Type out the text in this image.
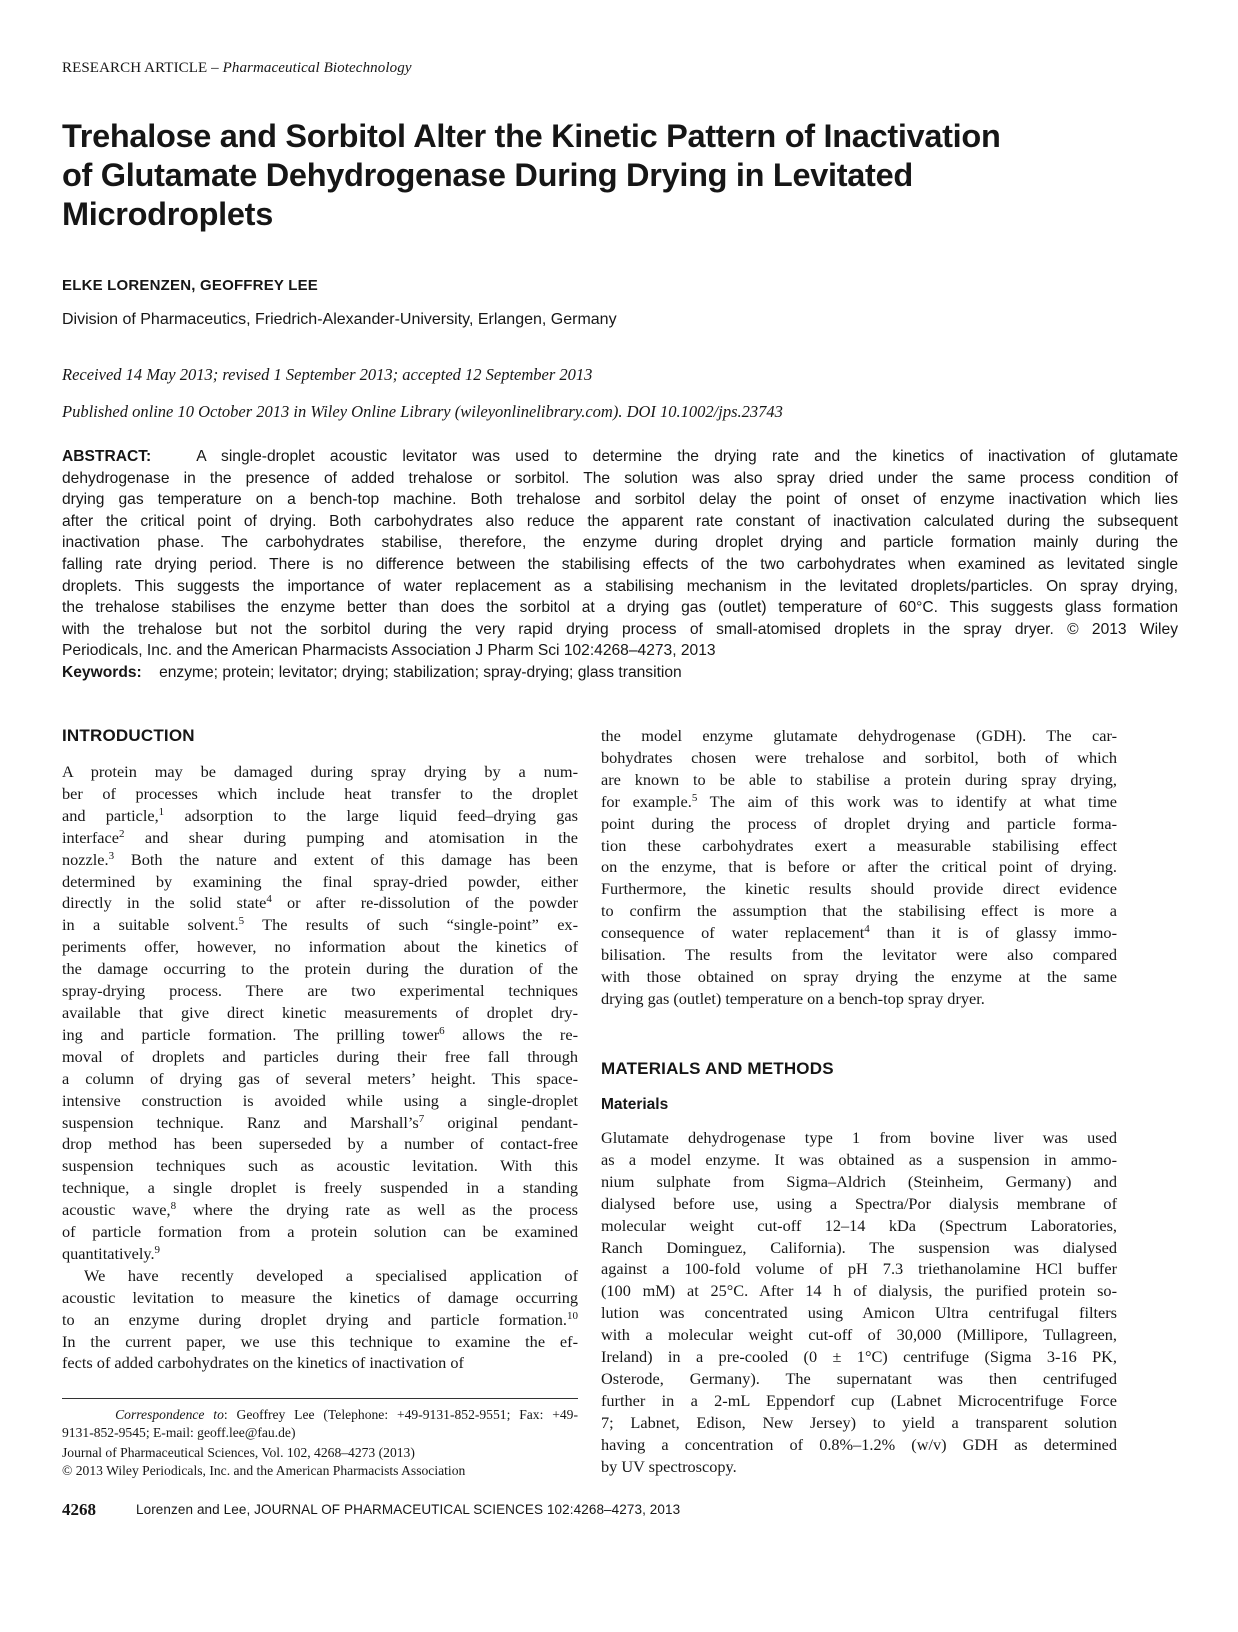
RESEARCH ARTICLE – Pharmaceutical Biotechnology
Trehalose and Sorbitol Alter the Kinetic Pattern of Inactivation
of Glutamate Dehydrogenase During Drying in Levitated
Microdroplets
ELKE LORENZEN, GEOFFREY LEE
Division of Pharmaceutics, Friedrich-Alexander-University, Erlangen, Germany
Received 14 May 2013; revised 1 September 2013; accepted 12 September 2013
Published online 10 October 2013 in Wiley Online Library (wileyonlinelibrary.com). DOI 10.1002/jps.23743
ABSTRACT:	A single-droplet acoustic levitator was used to determine the drying rate and the kinetics of inactivation of glutamate
dehydrogenase in the presence of added trehalose or sorbitol. The solution was also spray dried under the same process condition of
drying gas temperature on a bench-top machine. Both trehalose and sorbitol delay the point of onset of enzyme inactivation which lies
after the critical point of drying. Both carbohydrates also reduce the apparent rate constant of inactivation calculated during the subsequent
inactivation phase. The carbohydrates stabilise, therefore, the enzyme during droplet drying and particle formation mainly during the
falling rate drying period. There is no difference between the stabilising effects of the two carbohydrates when examined as levitated single
droplets. This suggests the importance of water replacement as a stabilising mechanism in the levitated droplets/particles. On spray drying,
the trehalose stabilises the enzyme better than does the sorbitol at a drying gas (outlet) temperature of 60°C. This suggests glass formation
with the trehalose but not the sorbitol during the very rapid drying process of small-atomised droplets in the spray dryer. © 2013 Wiley
Periodicals, Inc. and the American Pharmacists Association J Pharm Sci 102:4268–4273, 2013
Keywords: enzyme; protein; levitator; drying; stabilization; spray-drying; glass transition
INTRODUCTION
A protein may be damaged during spray drying by a num-
ber of processes which include heat transfer to the droplet
and particle,$^1$ adsorption to the large liquid feed–drying gas
interface$^2$ and shear during pumping and atomisation in the
nozzle.$^3$ Both the nature and extent of this damage has been
determined by examining the final spray-dried powder, either
directly in the solid state$^4$ or after re-dissolution of the powder
in a suitable solvent.$^5$ The results of such “single-point” ex-
periments offer, however, no information about the kinetics of
the damage occurring to the protein during the duration of the
spray-drying process. There are two experimental techniques
available that give direct kinetic measurements of droplet dry-
ing and particle formation. The prilling tower$^6$ allows the re-
moval of droplets and particles during their free fall through
a column of drying gas of several meters’ height. This space-
intensive construction is avoided while using a single-droplet
suspension technique. Ranz and $Marshall’s^7$ original pendant-
drop method has been superseded by a number of contact-free
suspension techniques such as acoustic levitation. With this
technique, a single droplet is freely suspended in a standing
acoustic wave,$^8$ where the drying rate as well as the process
of particle formation from a protein solution can be examined
quantitatively.$^9$
We have recently developed a specialised application of
acoustic levitation to measure the kinetics of damage occurring
to an enzyme during droplet drying and particle formation.$^{10}$
In the current paper, we use this technique to examine the ef-
fects of added carbohydrates on the kinetics of inactivation of
the model enzyme glutamate dehydrogenase (GDH). The car-
bohydrates chosen were trehalose and sorbitol, both of which
are known to be able to stabilise a protein during spray drying,
for example.$^5$ The aim of this work was to identify at what time
point during the process of droplet drying and particle forma-
tion these carbohydrates exert a measurable stabilising effect
on the enzyme, that is before or after the critical point of drying.
Furthermore, the kinetic results should provide direct evidence
to confirm the assumption that the stabilising effect is more a
consequence of water replacement$^4$ than it is of glassy immo-
bilisation. The results from the levitator were also compared
with those obtained on spray drying the enzyme at the same
drying gas (outlet) temperature on a bench-top spray dryer.
MATERIALS AND METHODS
Materials
Glutamate dehydrogenase type 1 from bovine liver was used
as a model enzyme. It was obtained as a suspension in ammo-
nium sulphate from Sigma–Aldrich (Steinheim, Germany) and
dialysed before use, using a Spectra/Por dialysis membrane of
molecular weight cut-off 12–14 kDa (Spectrum Laboratories,
Ranch Dominguez, California). The suspension was dialysed
against a 100-fold volume of pH 7.3 triethanolamine HCl buffer
(100 mM) at 25°C. After 14 h of dialysis, the purified protein so-
lution was concentrated using Amicon Ultra centrifugal filters
with a molecular weight cut-off of 30,000 (Millipore, Tullagreen,
Ireland) in a pre-cooled (0 ± 1°C) centrifuge (Sigma 3-16 PK,
Osterode, Germany). The supernatant was then centrifuged
further in a 2-mL Eppendorf cup (Labnet Microcentrifuge Force
7; Labnet, Edison, New Jersey) to yield a transparent solution
having a concentration of 0.8%–1.2% (w/v) GDH as determined
by UV spectroscopy.
Correspondence to: Geoffrey Lee (Telephone: +49-9131-852-9551; Fax: +49-
9131-852-9545; E-mail: geoff.lee@fau.de)
Journal of Pharmaceutical Sciences, Vol. 102, 4268–4273 (2013)
© 2013 Wiley Periodicals, Inc. and the American Pharmacists Association
4268	Lorenzen and Lee, JOURNAL OF PHARMACEUTICAL SCIENCES 102:4268–4273, 2013
